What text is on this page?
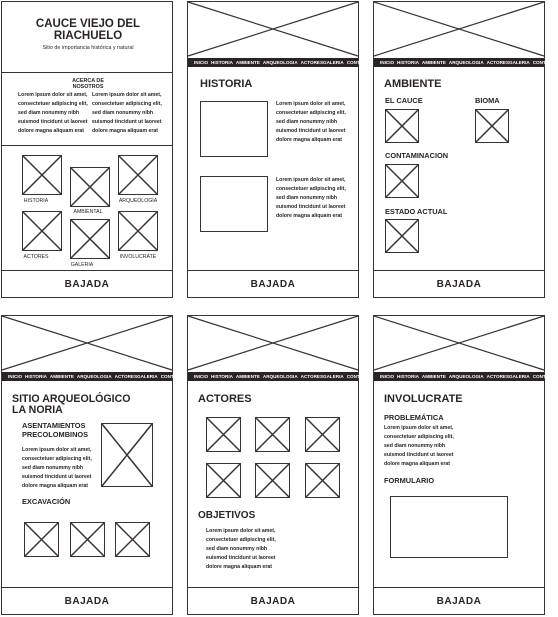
CAUCE VIEJO DEL RIACHUELO
Sitio de importancia histórica y natural
ACERCA DE NOSOTROS
Lorem ipsum dolor sit amet, consectetuer adipiscing elit, sed diam nonummy nibh euismod tincidunt ut laoreet dolore magna aliquam erat
Lorem ipsum dolor sit amet, consectetuer adipiscing elit, sed diam nonummy nibh euismod tincidunt ut laoreet dolore magna aliquam erat
HISTORIA
AMBIENTAL
ARQUEOLOGÍA
ACTORES
GALERIA
INVOLUCRATE
BAJADA
INICIO HISTORIA AMBIENTE ARQUEOLOGIA ACTORES GALERIA CONTACTO
HISTORIA
Lorem ipsum dolor sit amet, consectetuer adipiscing elit, sed diam nonummy nibh euismod tincidunt ut laoreet dolore magna aliquam erat
Lorem ipsum dolor sit amet, consectetuer adipiscing elit, sed diam nonummy nibh euismod tincidunt ut laoreet dolore magna aliquam erat
BAJADA
INICIO HISTORIA AMBIENTE ARQUEOLOGIA ACTORES GALERIA CONTACTO
AMBIENTE
EL CAUCE	BIOMA
CONTAMINACION
ESTADO ACTUAL
BAJADA
INICIO HISTORIA AMBIENTE ARQUEOLOGIA ACTORES GALERIA CONTACTO
SITIO ARQUEOLÓGICO LA NORIA
ASENTAMIENTOS PRECOLOMBINOS
Lorem ipsum dolor sit amet, consectetuer adipiscing elit, sed diam nonummy nibh euismod tincidunt ut laoreet dolore magna aliquam erat
EXCAVACIÓN
BAJADA
INICIO HISTORIA AMBIENTE ARQUEOLOGIA ACTORES GALERIA CONTACTO
ACTORES
OBJETIVOS
Lorem ipsum dolor sit amet, consectetuer adipiscing elit, sed diam nonummy nibh euismod tincidunt ut laoreet dolore magna aliquam erat
BAJADA
INICIO HISTORIA AMBIENTE ARQUEOLOGIA ACTORES GALERIA CONTACTO
INVOLUCRATE
PROBLEMÁTICA
Lorem ipsum dolor sit amet, consectetuer adipiscing elit, sed diam nonummy nibh euismod tincidunt ut laoreet dolore magna aliquam erat
FORMULARIO
BAJADA
